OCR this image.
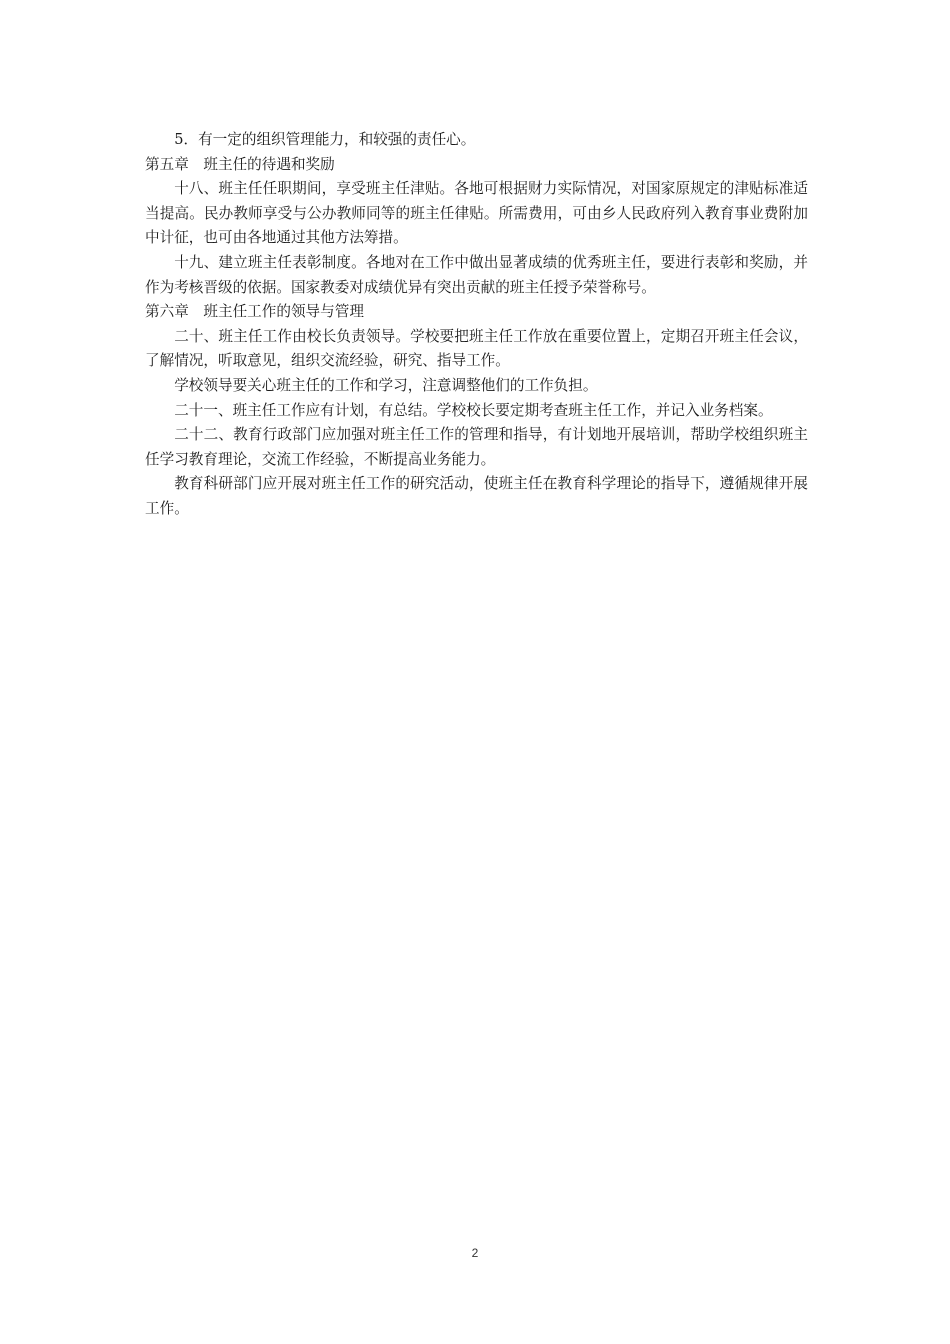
5．有一定的组织管理能力，和较强的责任心。

第五章　班主任的待遇和奖励

十八、班主任任职期间，享受班主任津贴。各地可根据财力实际情况，对国家原规定的津贴标准适当提高。民办教师享受与公办教师同等的班主任律贴。所需费用，可由乡人民政府列入教育事业费附加中计征，也可由各地通过其他方法筹措。

十九、建立班主任表彰制度。各地对在工作中做出显著成绩的优秀班主任，要进行表彰和奖励，并作为考核晋级的依据。国家教委对成绩优异有突出贡献的班主任授予荣誉称号。

第六章　班主任工作的领导与管理

二十、班主任工作由校长负责领导。学校要把班主任工作放在重要位置上，定期召开班主任会议，了解情况，听取意见，组织交流经验，研究、指导工作。

学校领导要关心班主任的工作和学习，注意调整他们的工作负担。

二十一、班主任工作应有计划，有总结。学校校长要定期考查班主任工作，并记入业务档案。

二十二、教育行政部门应加强对班主任工作的管理和指导，有计划地开展培训，帮助学校组织班主任学习教育理论，交流工作经验，不断提高业务能力。

教育科研部门应开展对班主任工作的研究活动，使班主任在教育科学理论的指导下，遵循规律开展工作。

2
